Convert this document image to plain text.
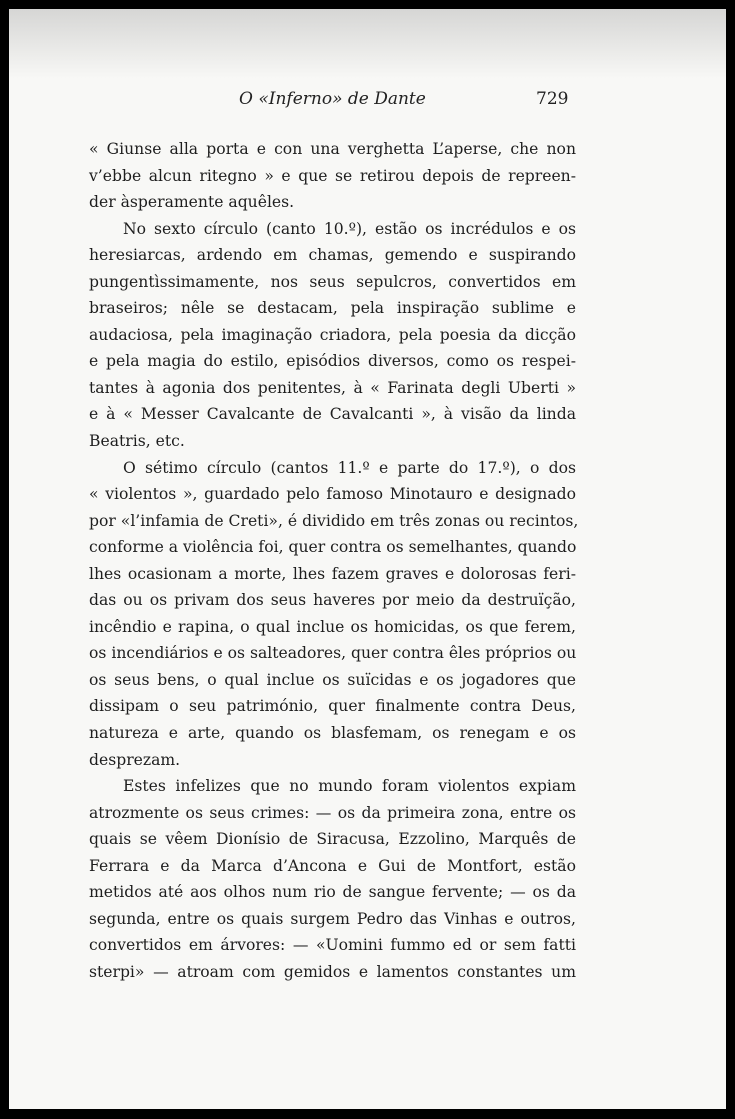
O «Inferno» de Dante	729
« Giunse alla porta e con una verghetta L’aperse, che non
v’ebbe alcun ritegno » e que se retirou depois de repreen-
der àsperamente aquêles.
No sexto círculo (canto 10.º), estão os incrédulos e os
heresiarcas, ardendo em chamas, gemendo e suspirando
pungentìssimamente, nos seus sepulcros, convertidos em
braseiros; nêle se destacam, pela inspiração sublime e
audaciosa, pela imaginação criadora, pela poesia da dicção
e pela magia do estilo, episódios diversos, como os respei-
tantes à agonia dos penitentes, à « Farinata degli Uberti »
e à « Messer Cavalcante de Cavalcanti », à visão da linda
Beatris, etc.
O sétimo círculo (cantos 11.º e parte do 17.º), o dos
« violentos », guardado pelo famoso Minotauro e designado
por «l’infamia de Creti», é dividido em três zonas ou recintos,
conforme a violência foi, quer contra os semelhantes, quando
lhes ocasionam a morte, lhes fazem graves e dolorosas feri-
das ou os privam dos seus haveres por meio da destruïção,
incêndio e rapina, o qual inclue os homicidas, os que ferem,
os incendiários e os salteadores, quer contra êles próprios ou
os seus bens, o qual inclue os suïcidas e os jogadores que
dissipam o seu património, quer finalmente contra Deus,
natureza e arte, quando os blasfemam, os renegam e os
desprezam.
Estes infelizes que no mundo foram violentos expiam
atrozmente os seus crimes: — os da primeira zona, entre os
quais se vêem Dionísio de Siracusa, Ezzolino, Marquês de
Ferrara e da Marca d’Ancona e Gui de Montfort, estão
metidos até aos olhos num rio de sangue fervente; — os da
segunda, entre os quais surgem Pedro das Vinhas e outros,
convertidos em árvores: — «Uomini fummo ed or sem fatti
sterpi» — atroam com gemidos e lamentos constantes um
